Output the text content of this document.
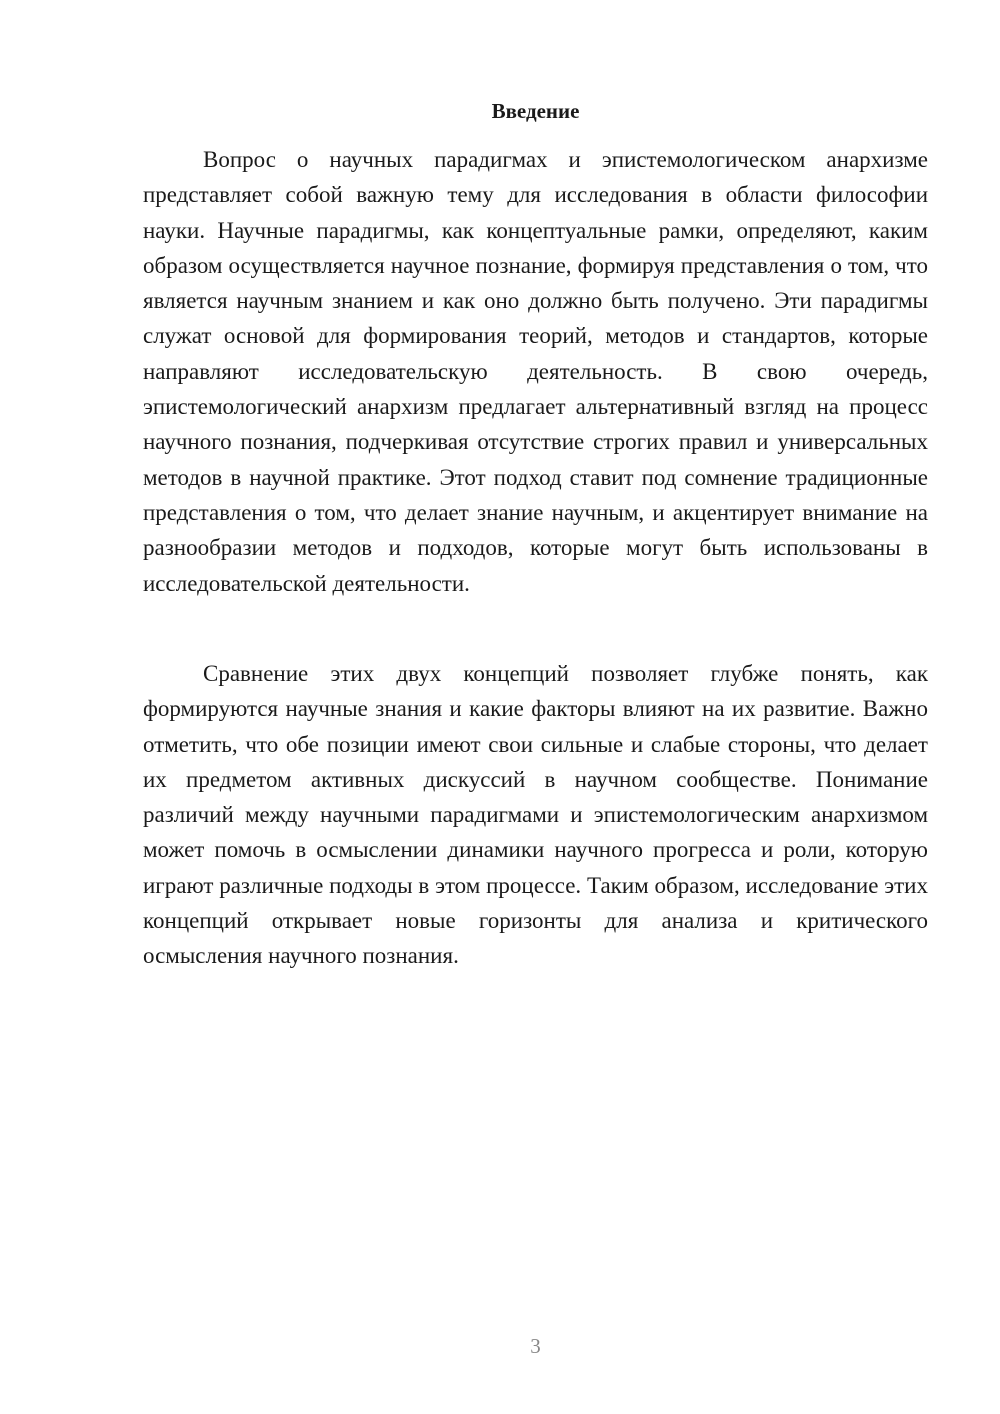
Введение

Вопрос о научных парадигмах и эпистемологическом анархизме представляет собой важную тему для исследования в области философии науки. Научные парадигмы, как концептуальные рамки, определяют, каким образом осуществляется научное познание, формируя представления о том, что является научным знанием и как оно должно быть получено. Эти парадигмы служат основой для формирования теорий, методов и стандартов, которые направляют исследовательскую деятельность. В свою очередь, эпистемологический анархизм предлагает альтернативный взгляд на процесс научного познания, подчеркивая отсутствие строгих правил и универсальных методов в научной практике. Этот подход ставит под сомнение традиционные представления о том, что делает знание научным, и акцентирует внимание на разнообразии методов и подходов, которые могут быть использованы в исследовательской деятельности.

Сравнение этих двух концепций позволяет глубже понять, как формируются научные знания и какие факторы влияют на их развитие. Важно отметить, что обе позиции имеют свои сильные и слабые стороны, что делает их предметом активных дискуссий в научном сообществе. Понимание различий между научными парадигмами и эпистемологическим анархизмом может помочь в осмыслении динамики научного прогресса и роли, которую играют различные подходы в этом процессе. Таким образом, исследование этих концепций открывает новые горизонты для анализа и критического осмысления научного познания.

3
